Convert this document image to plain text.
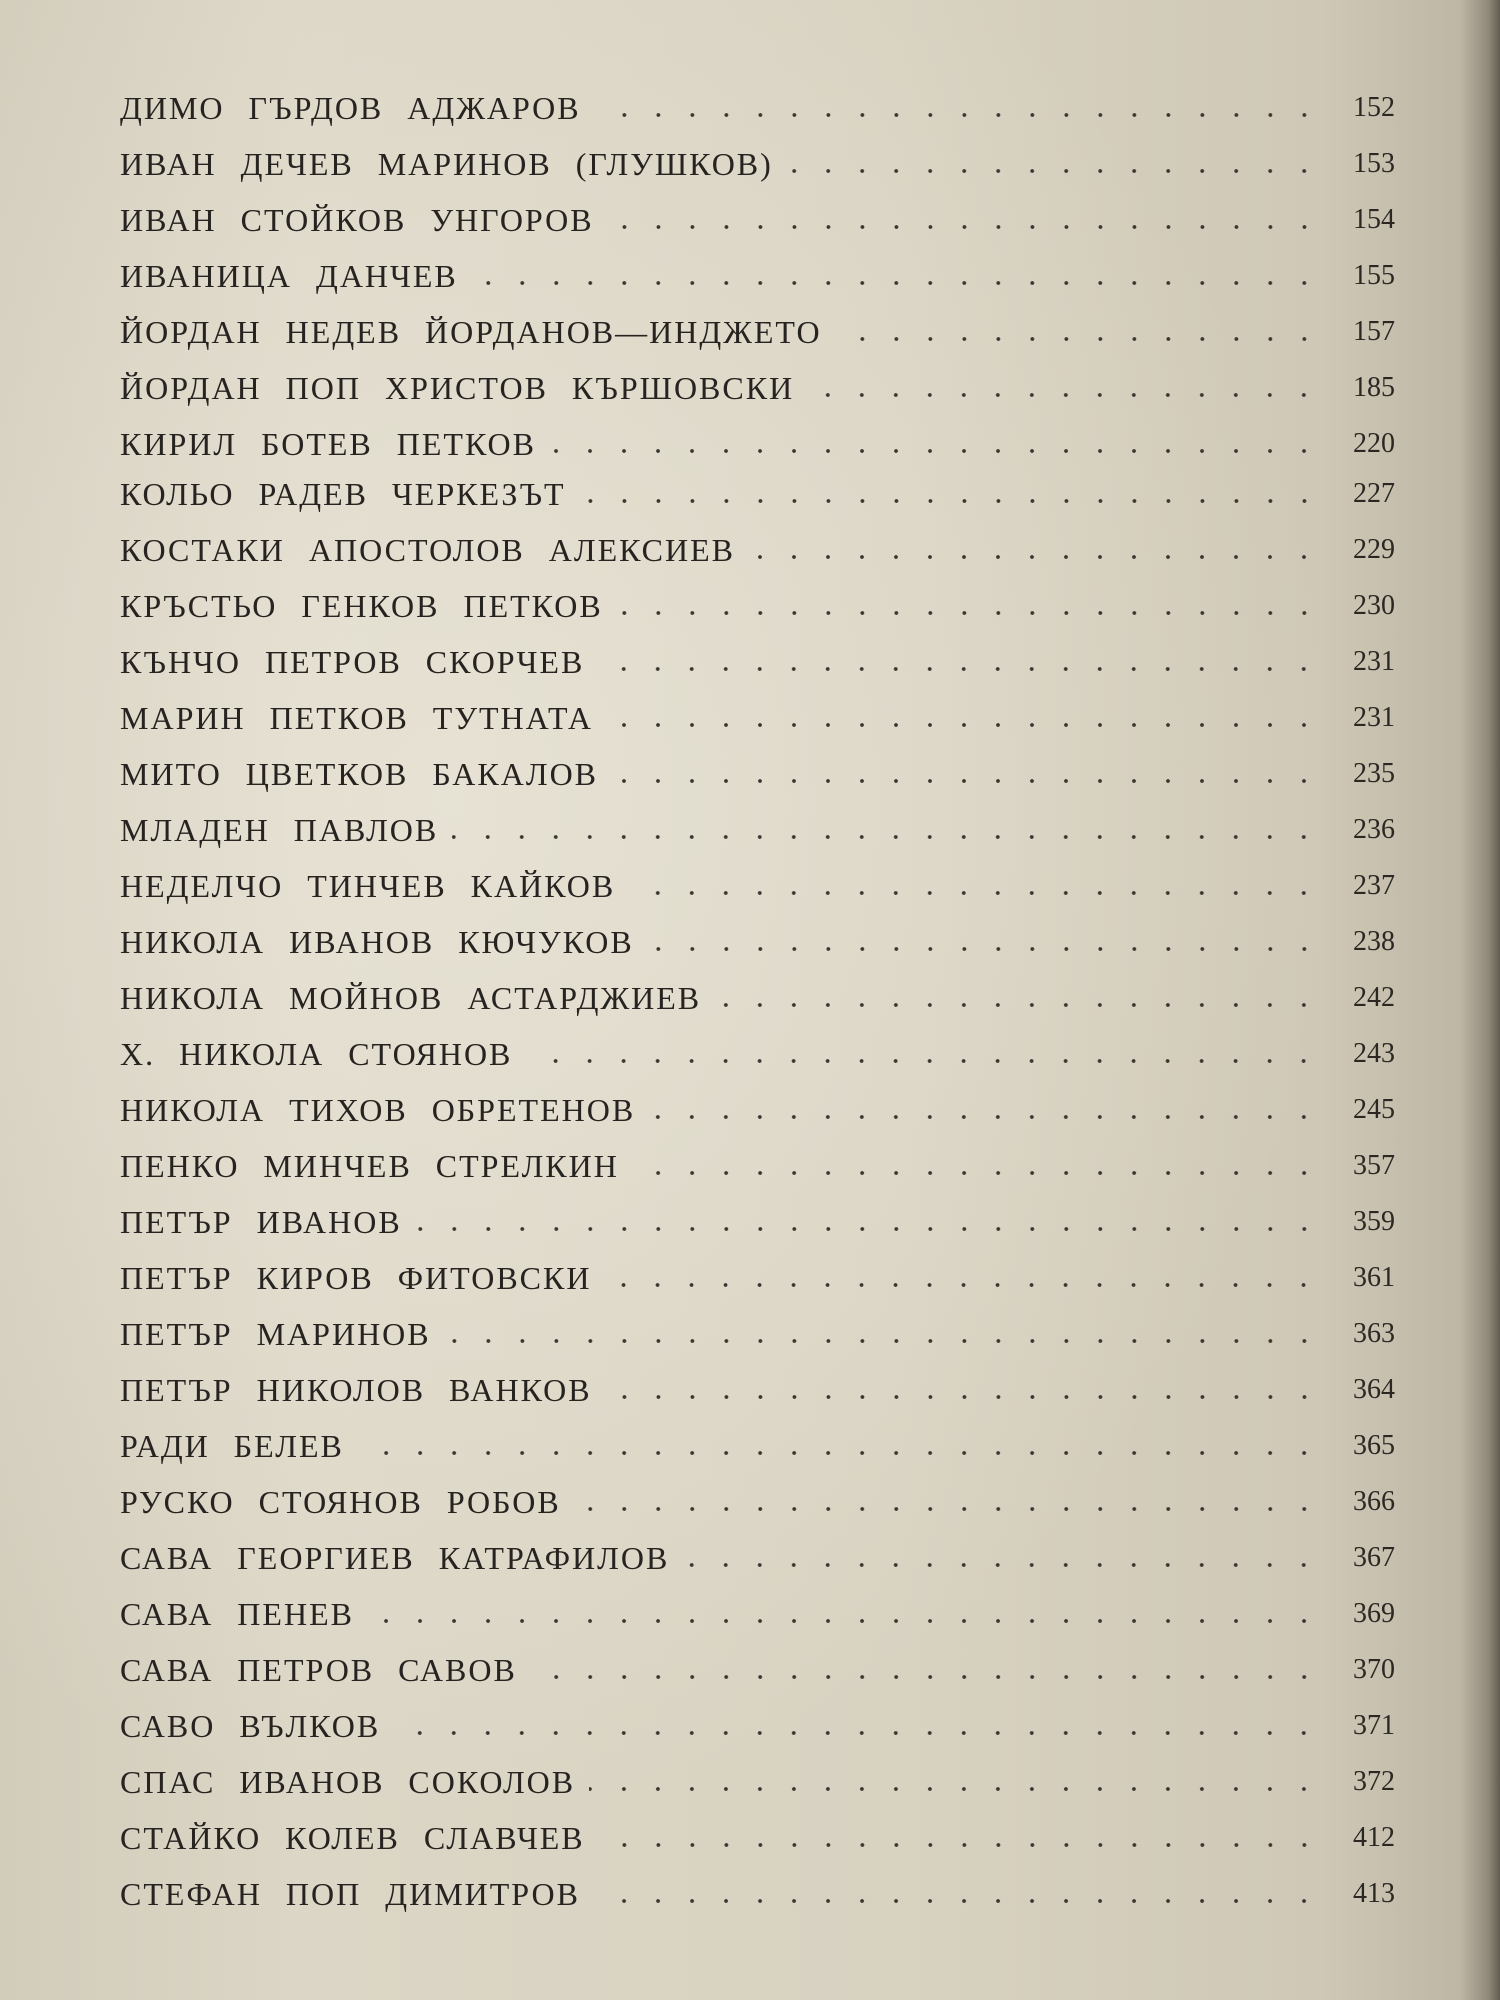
ДИМО ГЪРДОВ АДЖАРОВ	152
ИВАН ДЕЧЕВ МАРИНОВ (ГЛУШКОВ)	153
ИВАН СТОЙКОВ УНГОРОВ	154
ИВАНИЦА ДАНЧЕВ	155
ЙОРДАН НЕДЕВ ЙОРДАНОВ—ИНДЖЕТО	157
ЙОРДАН ПОП ХРИСТОВ КЪРШОВСКИ	185
КИРИЛ БОТЕВ ПЕТКОВ	220
КОЛЬО РАДЕВ ЧЕРКЕЗЪТ	227
КОСТАКИ АПОСТОЛОВ АЛЕКСИЕВ	229
КРЪСТЬО ГЕНКОВ ПЕТКОВ	230
КЪНЧО ПЕТРОВ СКОРЧЕВ	231
МАРИН ПЕТКОВ ТУТНАТА	231
МИТО ЦВЕТКОВ БАКАЛОВ	235
МЛАДЕН ПАВЛОВ	236
НЕДЕЛЧО ТИНЧЕВ КАЙКОВ	237
НИКОЛА ИВАНОВ КЮЧУКОВ	238
НИКОЛА МОЙНОВ АСТАРДЖИЕВ	242
Х. НИКОЛА СТОЯНОВ	243
НИКОЛА ТИХОВ ОБРЕТЕНОВ	245
ПЕНКО МИНЧЕВ СТРЕЛКИН	357
ПЕТЪР ИВАНОВ	359
ПЕТЪР КИРОВ ФИТОВСКИ	361
ПЕТЪР МАРИНОВ	363
ПЕТЪР НИКОЛОВ ВАНКОВ	364
РАДИ БЕЛЕВ	365
РУСКО СТОЯНОВ РОБОВ	366
САВА ГЕОРГИЕВ КАТРАФИЛОВ	367
САВА ПЕНЕВ	369
САВА ПЕТРОВ САВОВ	370
САВО ВЪЛКОВ	371
СПАС ИВАНОВ СОКОЛОВ	372
СТАЙКО КОЛЕВ СЛАВЧЕВ	412
СТЕФАН ПОП ДИМИТРОВ	413
